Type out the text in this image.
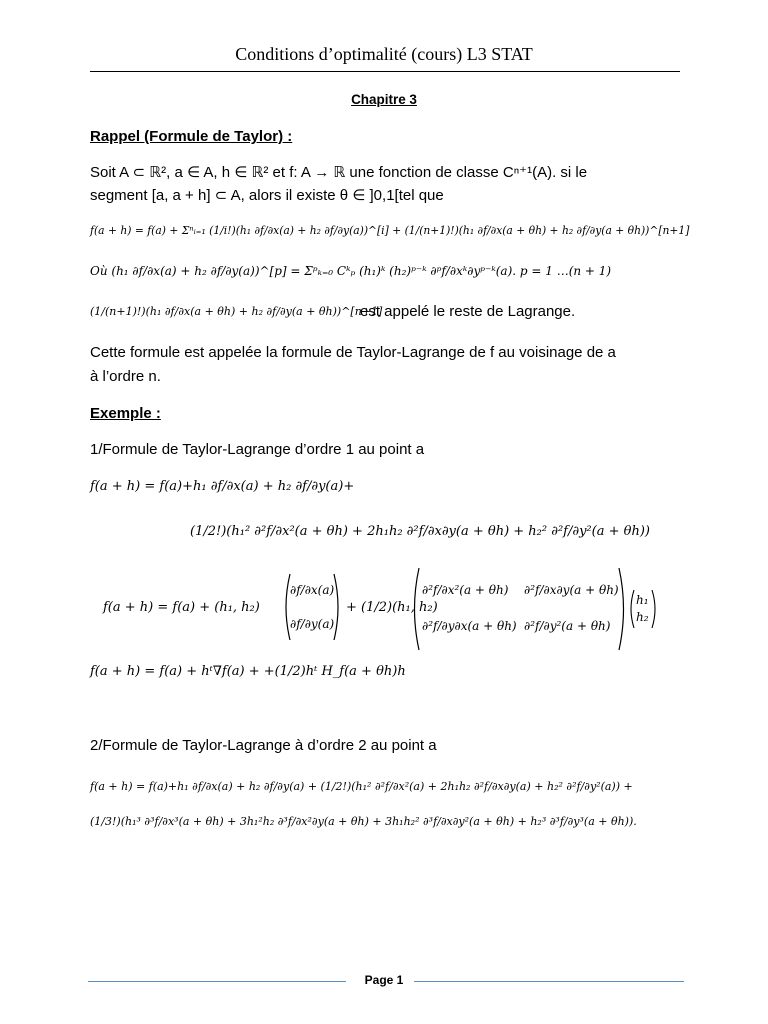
Conditions d’optimalité (cours) L3 STAT
Chapitre 3
Rappel (Formule de Taylor) :
Soit A ⊂ ℝ², a ∈ A, h ∈ ℝ² et f: A → ℝ une fonction de classe Cⁿ⁺¹(A). si le
segment [a, a + h] ⊂ A, alors il existe θ ∈ ]0,1[tel que
f(a + h) = f(a) + Σⁿᵢ₌₁ (1/i!)(h₁ ∂f/∂x(a) + h₂ ∂f/∂y(a))^[i] + (1/(n+1)!)(h₁ ∂f/∂x(a + θh) + h₂ ∂f/∂y(a + θh))^[n+1]
Où (h₁ ∂f/∂x(a) + h₂ ∂f/∂y(a))^[p] = Σᵖₖ₌₀ Cᵏₚ (h₁)ᵏ (h₂)ᵖ⁻ᵏ ∂ᵖf/∂xᵏ∂yᵖ⁻ᵏ(a). p = 1 …(n + 1)
(1/(n+1)!)(h₁ ∂f/∂x(a + θh) + h₂ ∂f/∂y(a + θh))^[n+1]
est appelé le reste de Lagrange.
Cette formule est appelée la formule de Taylor-Lagrange de f au voisinage de a
à l’ordre n.
Exemple :
1/Formule de Taylor-Lagrange d’ordre 1 au point a
f(a + h) = f(a)+h₁ ∂f/∂x(a) + h₂ ∂f/∂y(a)+
(1/2!)(h₁² ∂²f/∂x²(a + θh) + 2h₁h₂ ∂²f/∂x∂y(a + θh) + h₂² ∂²f/∂y²(a + θh))
f(a + h) = f(a) + (h₁, h₂)
∂f/∂x(a)
∂f/∂y(a)
+ (1/2)(h₁, h₂)
∂²f/∂x²(a + θh) ∂²f/∂x∂y(a + θh)
∂²f/∂y∂x(a + θh) ∂²f/∂y²(a + θh)
h₁
h₂
f(a + h) = f(a) + hᵗ∇f(a) + +(1/2)hᵗ H_f(a + θh)h
2/Formule de Taylor-Lagrange à d’ordre 2 au point a
f(a + h) = f(a)+h₁ ∂f/∂x(a) + h₂ ∂f/∂y(a) + (1/2!)(h₁² ∂²f/∂x²(a) + 2h₁h₂ ∂²f/∂x∂y(a) + h₂² ∂²f/∂y²(a)) +
(1/3!)(h₁³ ∂³f/∂x³(a + θh) + 3h₁²h₂ ∂³f/∂x²∂y(a + θh) + 3h₁h₂² ∂³f/∂x∂y²(a + θh) + h₂³ ∂³f/∂y³(a + θh)).
Page 1
